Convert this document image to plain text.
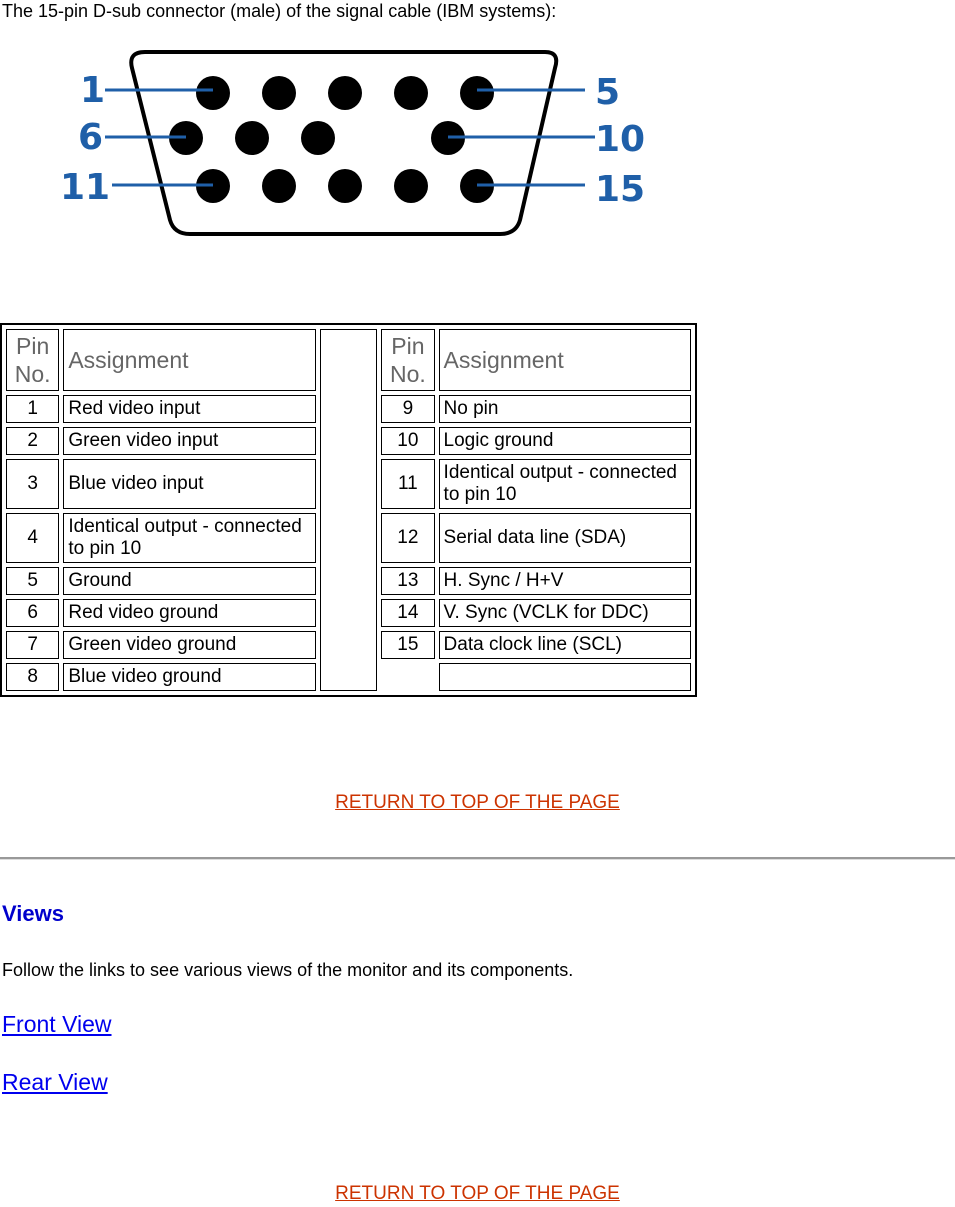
The 15-pin D-sub connector (male) of the signal cable (IBM systems):

1
6
11
5
10
15
Pin No.	Assignment		Pin No.	Assignment
1	Red video input		9	No pin
2	Green video input		10	Logic ground
3	Blue video input		11	Identical output - connected to pin 10
4	Identical output - connected to pin 10		12	Serial data line (SDA)
5	Ground		13	H. Sync / H+V
6	Red video ground		14	V. Sync (VCLK for DDC)
7	Green video ground		15	Data clock line (SCL)
8	Blue video ground			
RETURN TO TOP OF THE PAGE
Views

Follow the links to see various views of the monitor and its components.

Front View
Rear View
RETURN TO TOP OF THE PAGE
